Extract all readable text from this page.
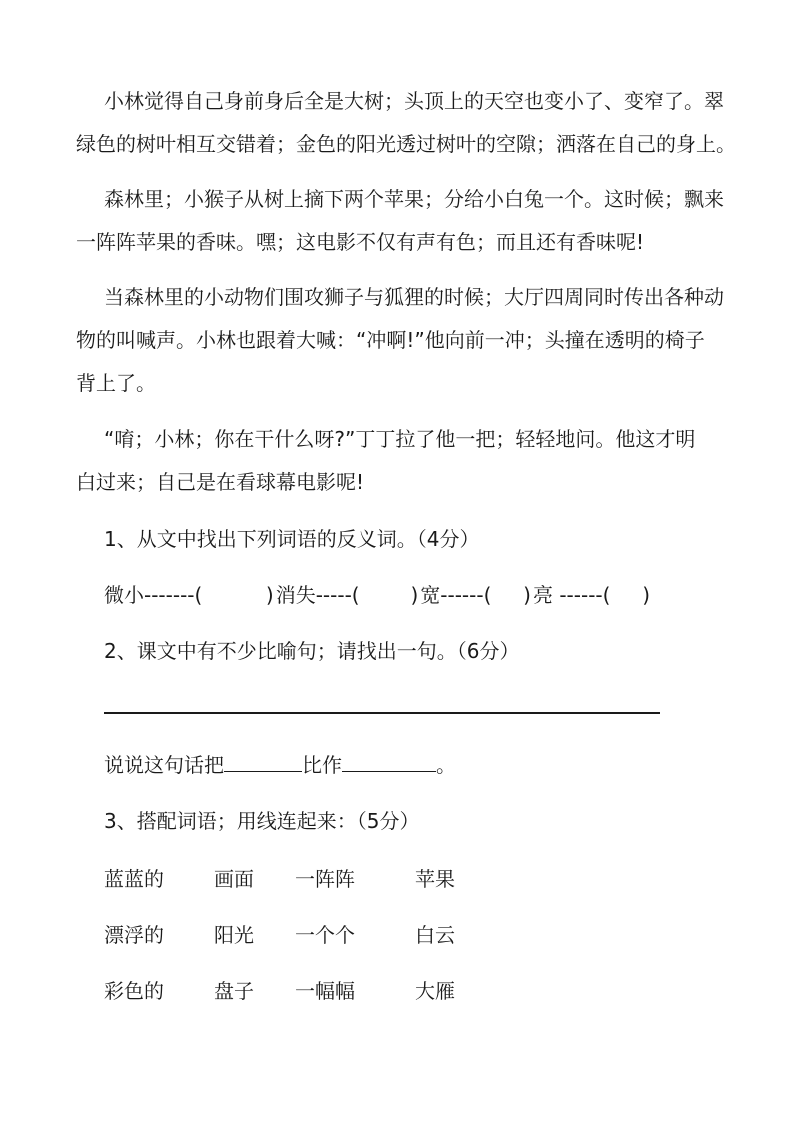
小林觉得自己身前身后全是大树；头顶上的天空也变小了、变窄了。翠
绿色的树叶相互交错着；金色的阳光透过树叶的空隙；洒落在自己的身上。

森林里；小猴子从树上摘下两个苹果；分给小白兔一个。这时候；飘来
一阵阵苹果的香味。嘿；这电影不仅有声有色；而且还有香味呢!

当森林里的小动物们围攻狮子与狐狸的时候；大厅四周同时传出各种动
物的叫喊声。小林也跟着大喊：“冲啊!”他向前一冲；头撞在透明的椅子
背上了。

“唷；小林；你在干什么呀?”丁丁拉了他一把；轻轻地问。他这才明
白过来；自己是在看球幕电影呢!

1、从文中找出下列词语的反义词。（4分）

微小-------(          ) 消失-----(        ) 宽------(     ) 亮 ------(     )

2、课文中有不少比喻句；请找出一句。（6分）

说说这句话把	比作	。

3、搭配词语；用线连起来：（5分）

蓝蓝的	画面 一阵阵	苹果
漂浮的	阳光 一个个	白云
彩色的	盘子 一幅幅	大雁
